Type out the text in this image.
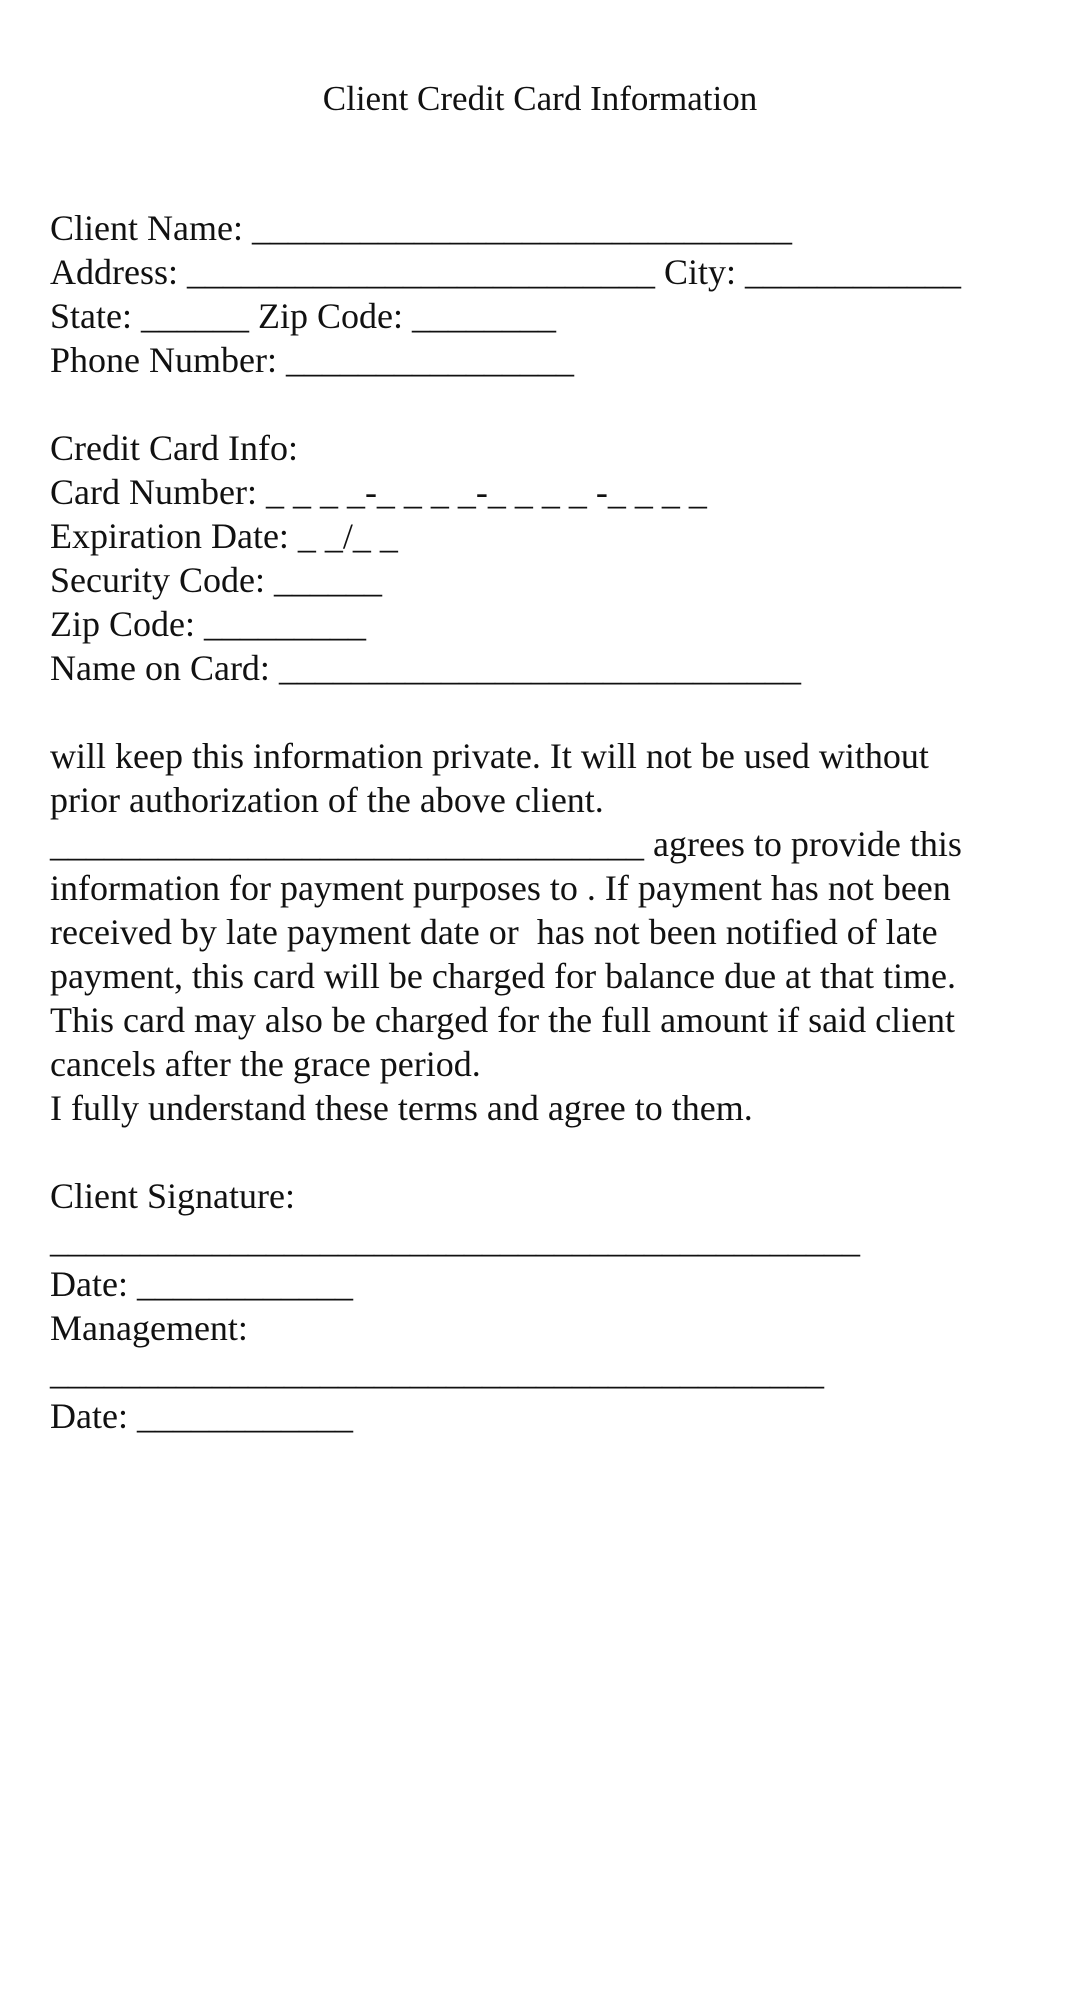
Client Credit Card Information
Client Name: ______________________________
Address: __________________________ City: ____________
State: ______ Zip Code: ________
Phone Number: ________________
Credit Card Info:
Card Number: _ _ _ _-_ _ _ _-_ _ _ _ -_ _ _ _
Expiration Date: _ _/_ _
Security Code: ______
Zip Code: _________
Name on Card: _____________________________
will keep this information private. It will not be used without
prior authorization of the above client.
_________________________________ agrees to provide this
information for payment purposes to . If payment has not been
received by late payment date or  has not been notified of late
payment, this card will be charged for balance due at that time.
This card may also be charged for the full amount if said client
cancels after the grace period.
I fully understand these terms and agree to them.
Client Signature:
_____________________________________________
Date: ____________
Management:
___________________________________________
Date: ____________
